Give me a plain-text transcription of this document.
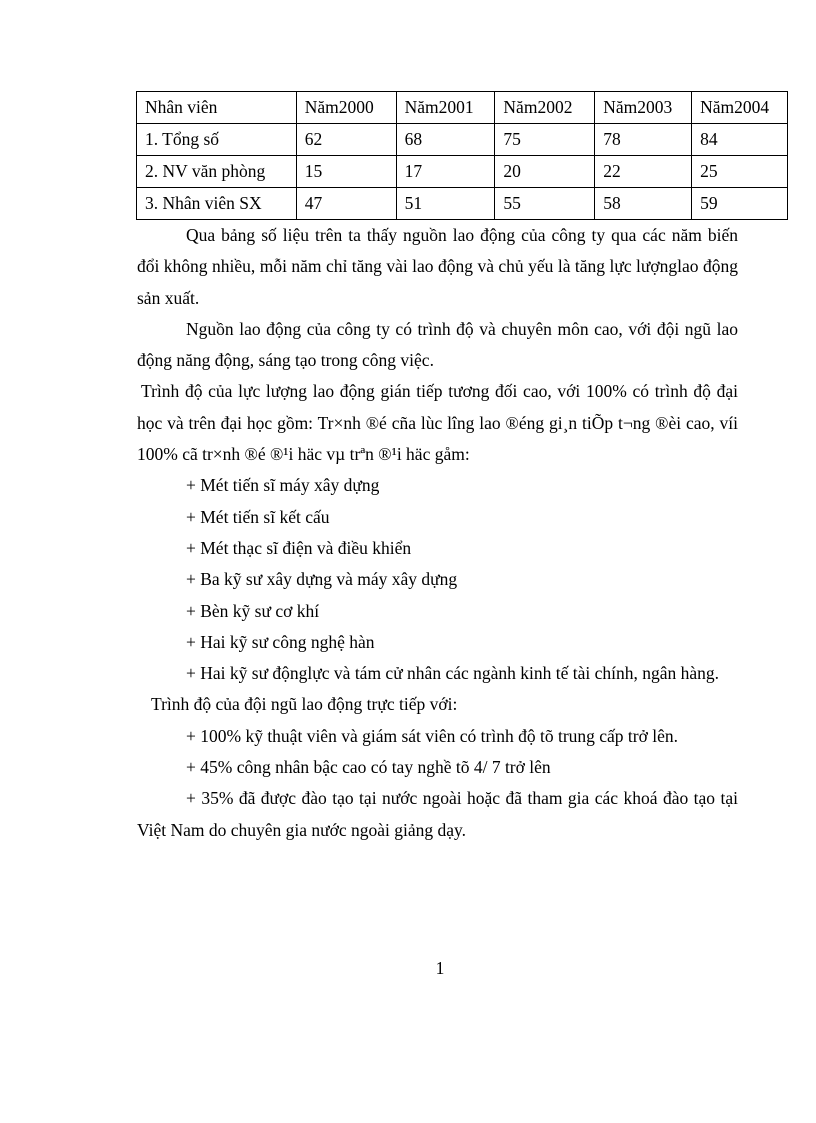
Nhân viên	Năm2000	Năm2001	Năm2002	Năm2003	Năm2004
1. Tổng số	62	68	75	78	84
2. NV văn phòng	15	17	20	22	25
3. Nhân viên SX	47	51	55	58	59

Qua bảng số liệu trên ta thấy nguồn lao động của công ty qua các năm biến đổi không nhiều, mỗi năm chỉ tăng vài lao động và chủ yếu là tăng lực lượnglao động sản xuất.

Nguồn lao động của công ty có trình độ và chuyên môn cao, với đội ngũ lao động năng động, sáng tạo trong công việc.

Trình độ của lực lượng lao động gián tiếp tương đối cao, với 100% có trình độ đại học và trên đại học gồm: Tr×nh ®é cña lùc lîng lao ®éng gi¸n tiÕp t¬ng ®èi cao, víi 100% cã tr×nh ®é ®¹i häc vµ trªn ®¹i häc gåm:

+ Mét tiến sĩ máy xây dựng

+ Mét tiến sĩ kết cấu

+ Mét thạc sĩ điện và điều khiển

+ Ba kỹ sư xây dựng và máy xây dựng

+ Bèn kỹ sư cơ khí

+ Hai kỹ sư công nghệ hàn

+ Hai kỹ sư độnglực và tám cử nhân các ngành kinh tế tài chính, ngân hàng.

Trình độ của đội ngũ lao động trực tiếp với:

+ 100% kỹ thuật viên và giám sát viên có trình độ tõ trung cấp trở lên.

+ 45% công nhân bậc cao có tay nghề tõ 4/ 7 trở lên

+ 35% đã được đào tạo tại nước ngoài hoặc đã tham gia các khoá đào tạo tại Việt Nam do chuyên gia nước ngoài giảng dạy.

1
